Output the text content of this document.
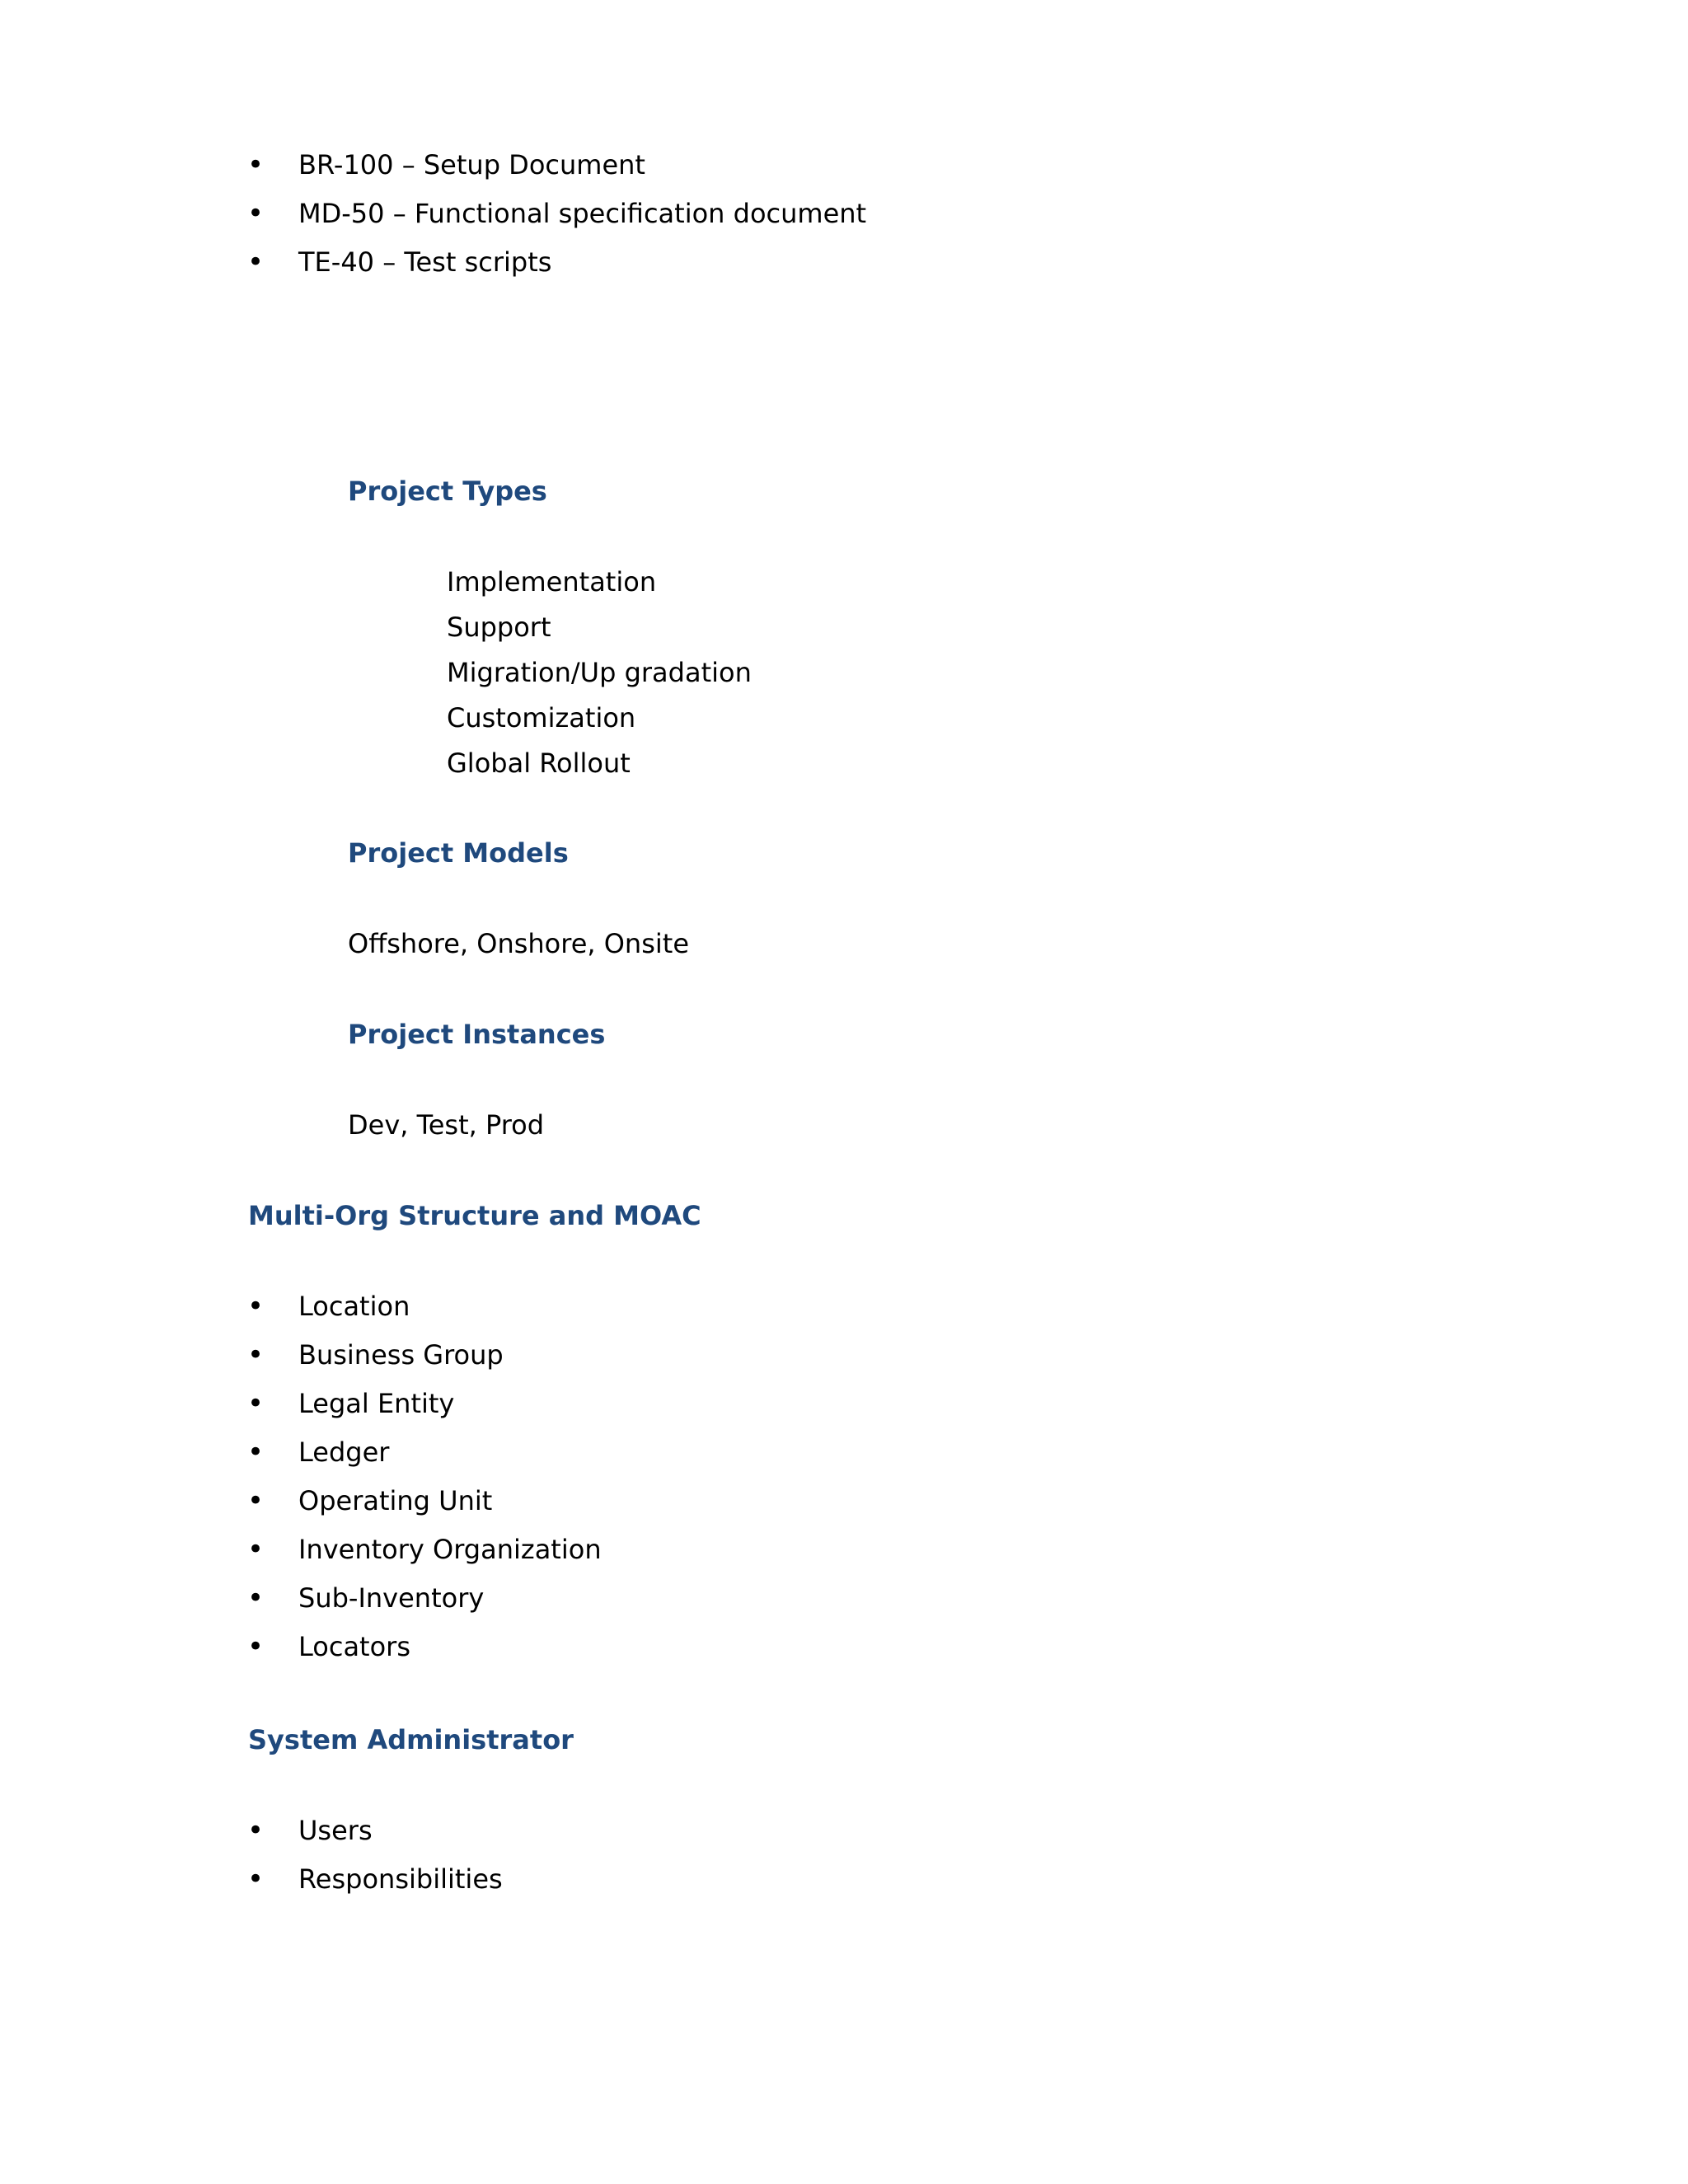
• BR-100 – Setup Document
• MD-50 – Functional specification document
• TE-40 – Test scripts
Project Types
Implementation
Support
Migration/Up gradation
Customization
Global Rollout
Project Models
Offshore, Onshore, Onsite
Project Instances
Dev, Test, Prod
Multi-Org Structure and MOAC
• Location
• Business Group
• Legal Entity
• Ledger
• Operating Unit
• Inventory Organization
• Sub-Inventory
• Locators
System Administrator
• Users
• Responsibilities
